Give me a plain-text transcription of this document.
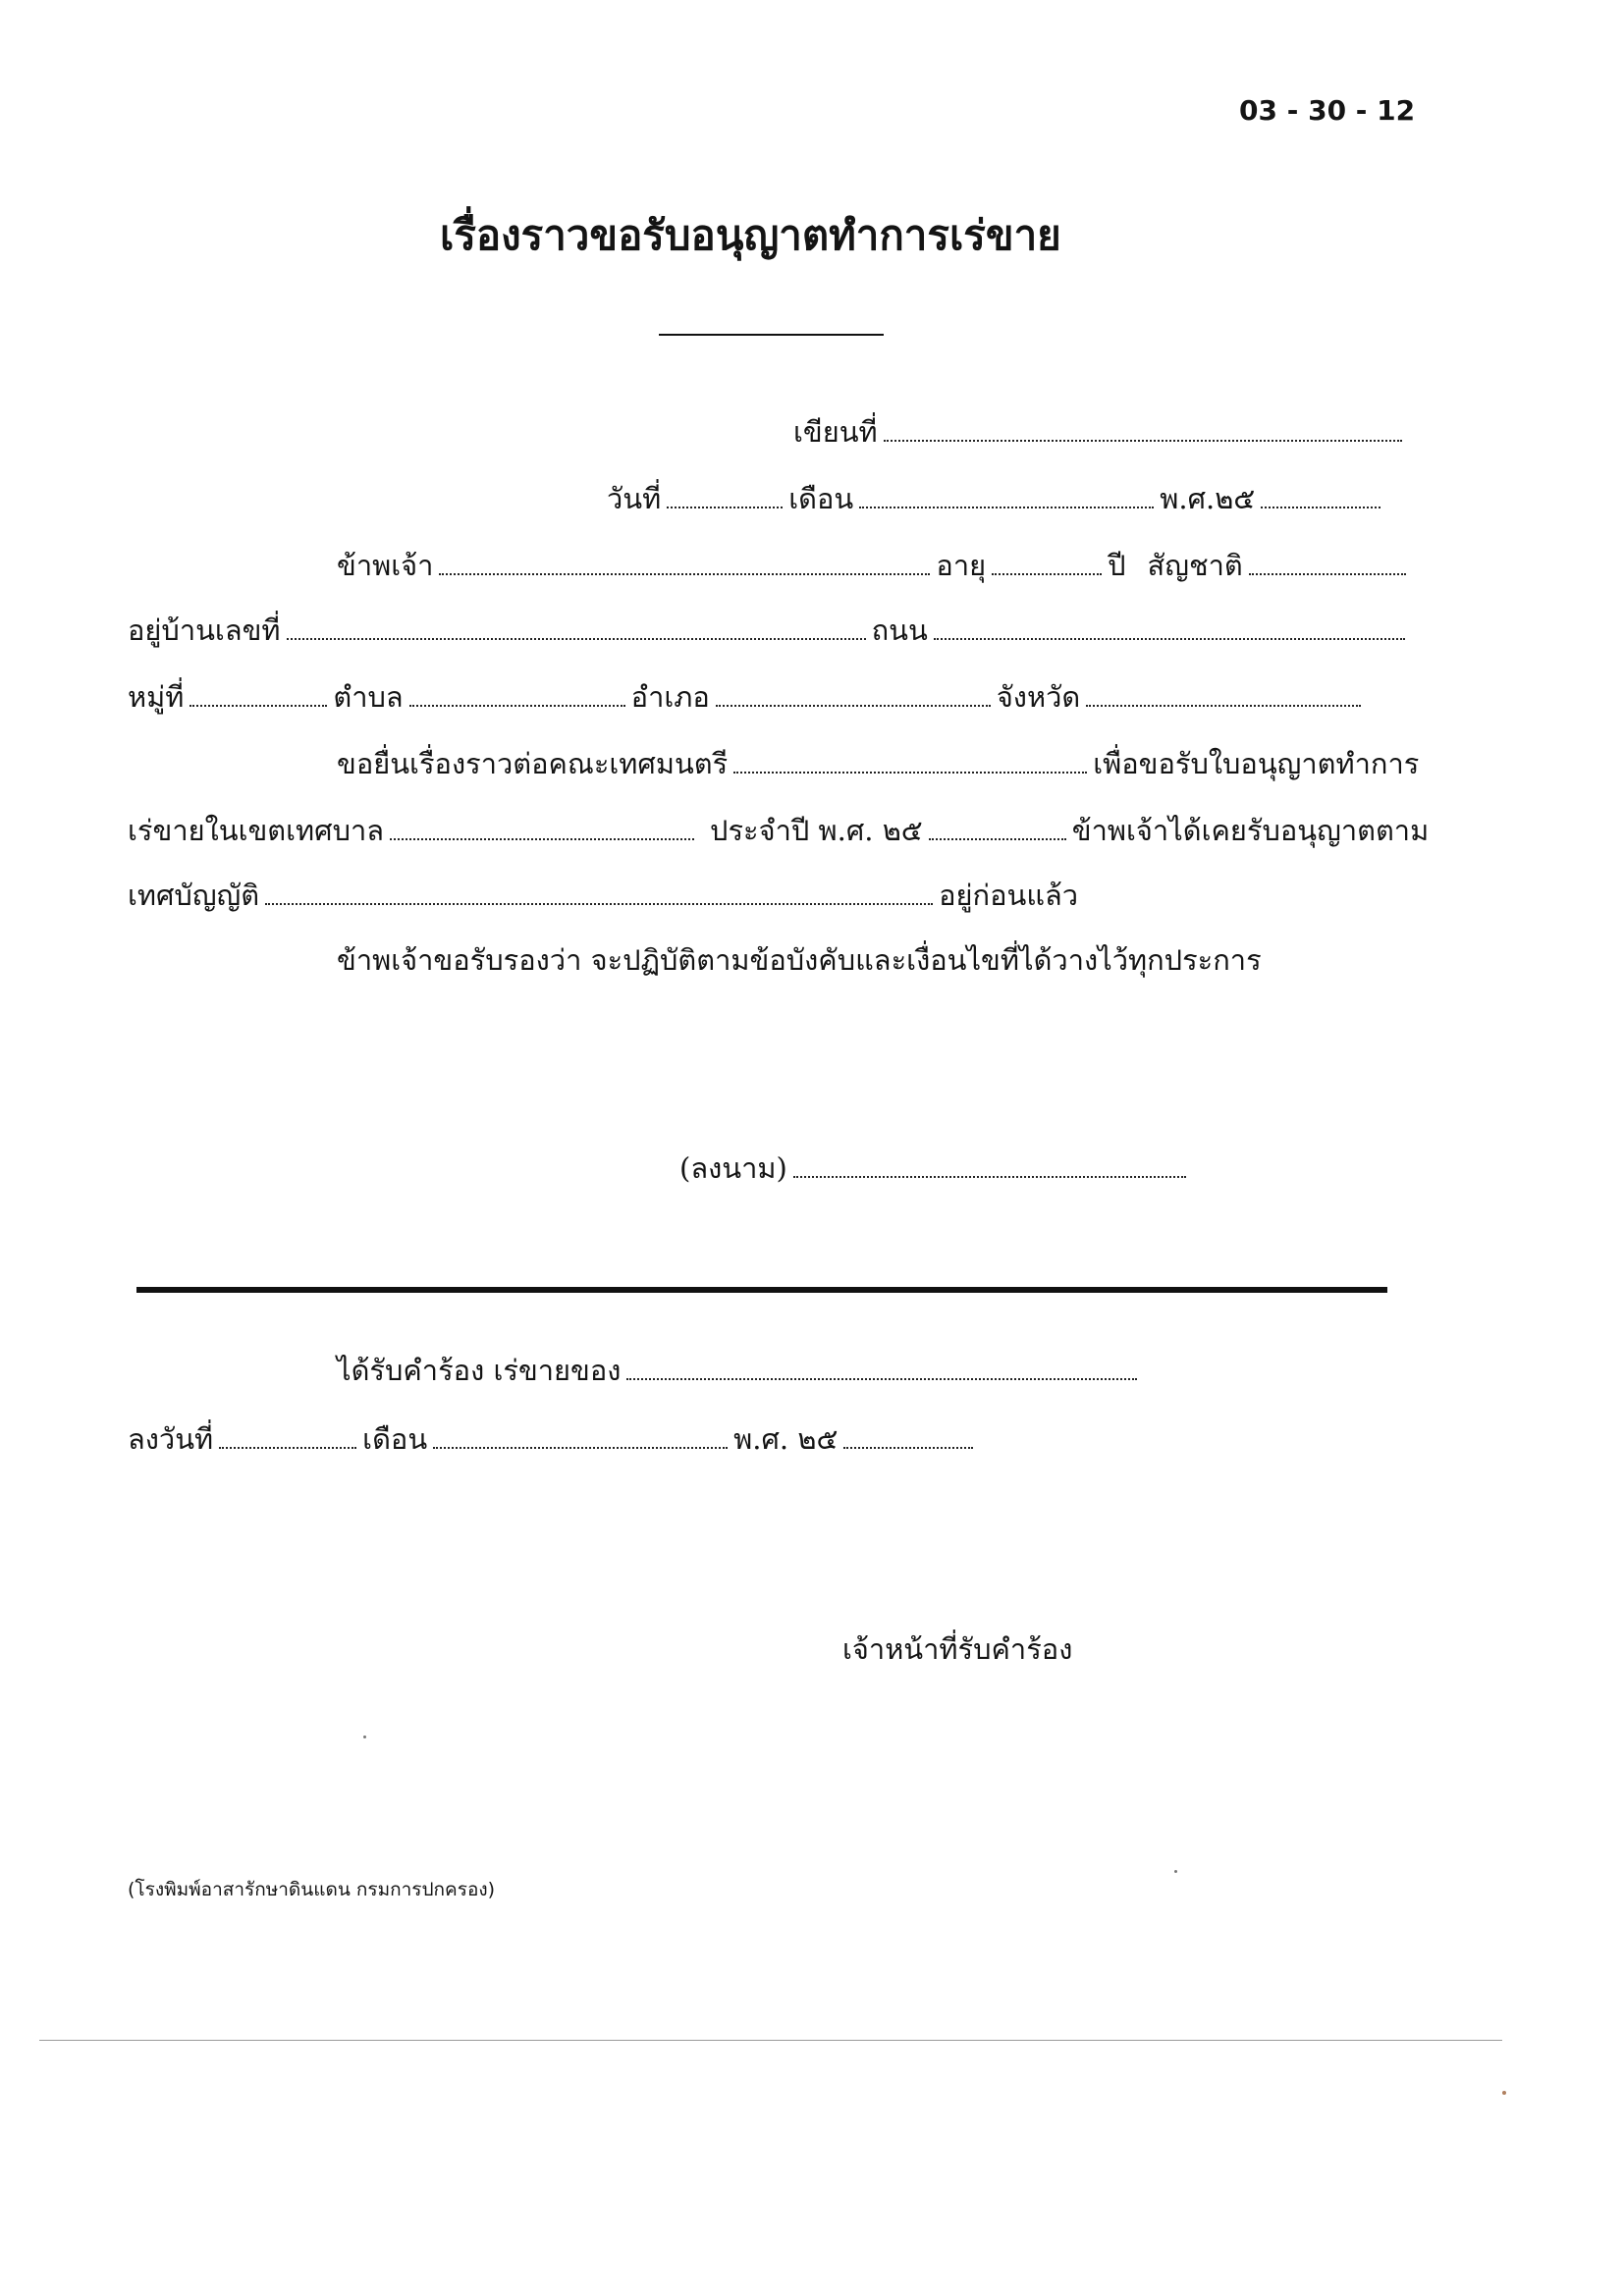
03 - 30 - 12
เรื่องราวขอรับอนุญาตทำการเร่ขาย
เขียนที่
วันที่	เดือน	พ.ศ.๒๕
ข้าพเจ้า	อายุ	ปี สัญชาติ
อยู่บ้านเลขที่	ถนน
หมู่ที่	ตำบล	อำเภอ	จังหวัด
ขอยื่นเรื่องราวต่อคณะเทศมนตรี	เพื่อขอรับใบอนุญาตทำการ
เร่ขายในเขตเทศบาล	ประจำปี พ.ศ. ๒๕	ข้าพเจ้าได้เคยรับอนุญาตตาม
เทศบัญญัติ	อยู่ก่อนแล้ว
ข้าพเจ้าขอรับรองว่า จะปฏิบัติตามข้อบังคับและเงื่อนไขที่ได้วางไว้ทุกประการ
(ลงนาม)
ได้รับคำร้อง เร่ขายของ
ลงวันที่	เดือน	พ.ศ. ๒๕
เจ้าหน้าที่รับคำร้อง
(โรงพิมพ์อาสารักษาดินแดน กรมการปกครอง)
